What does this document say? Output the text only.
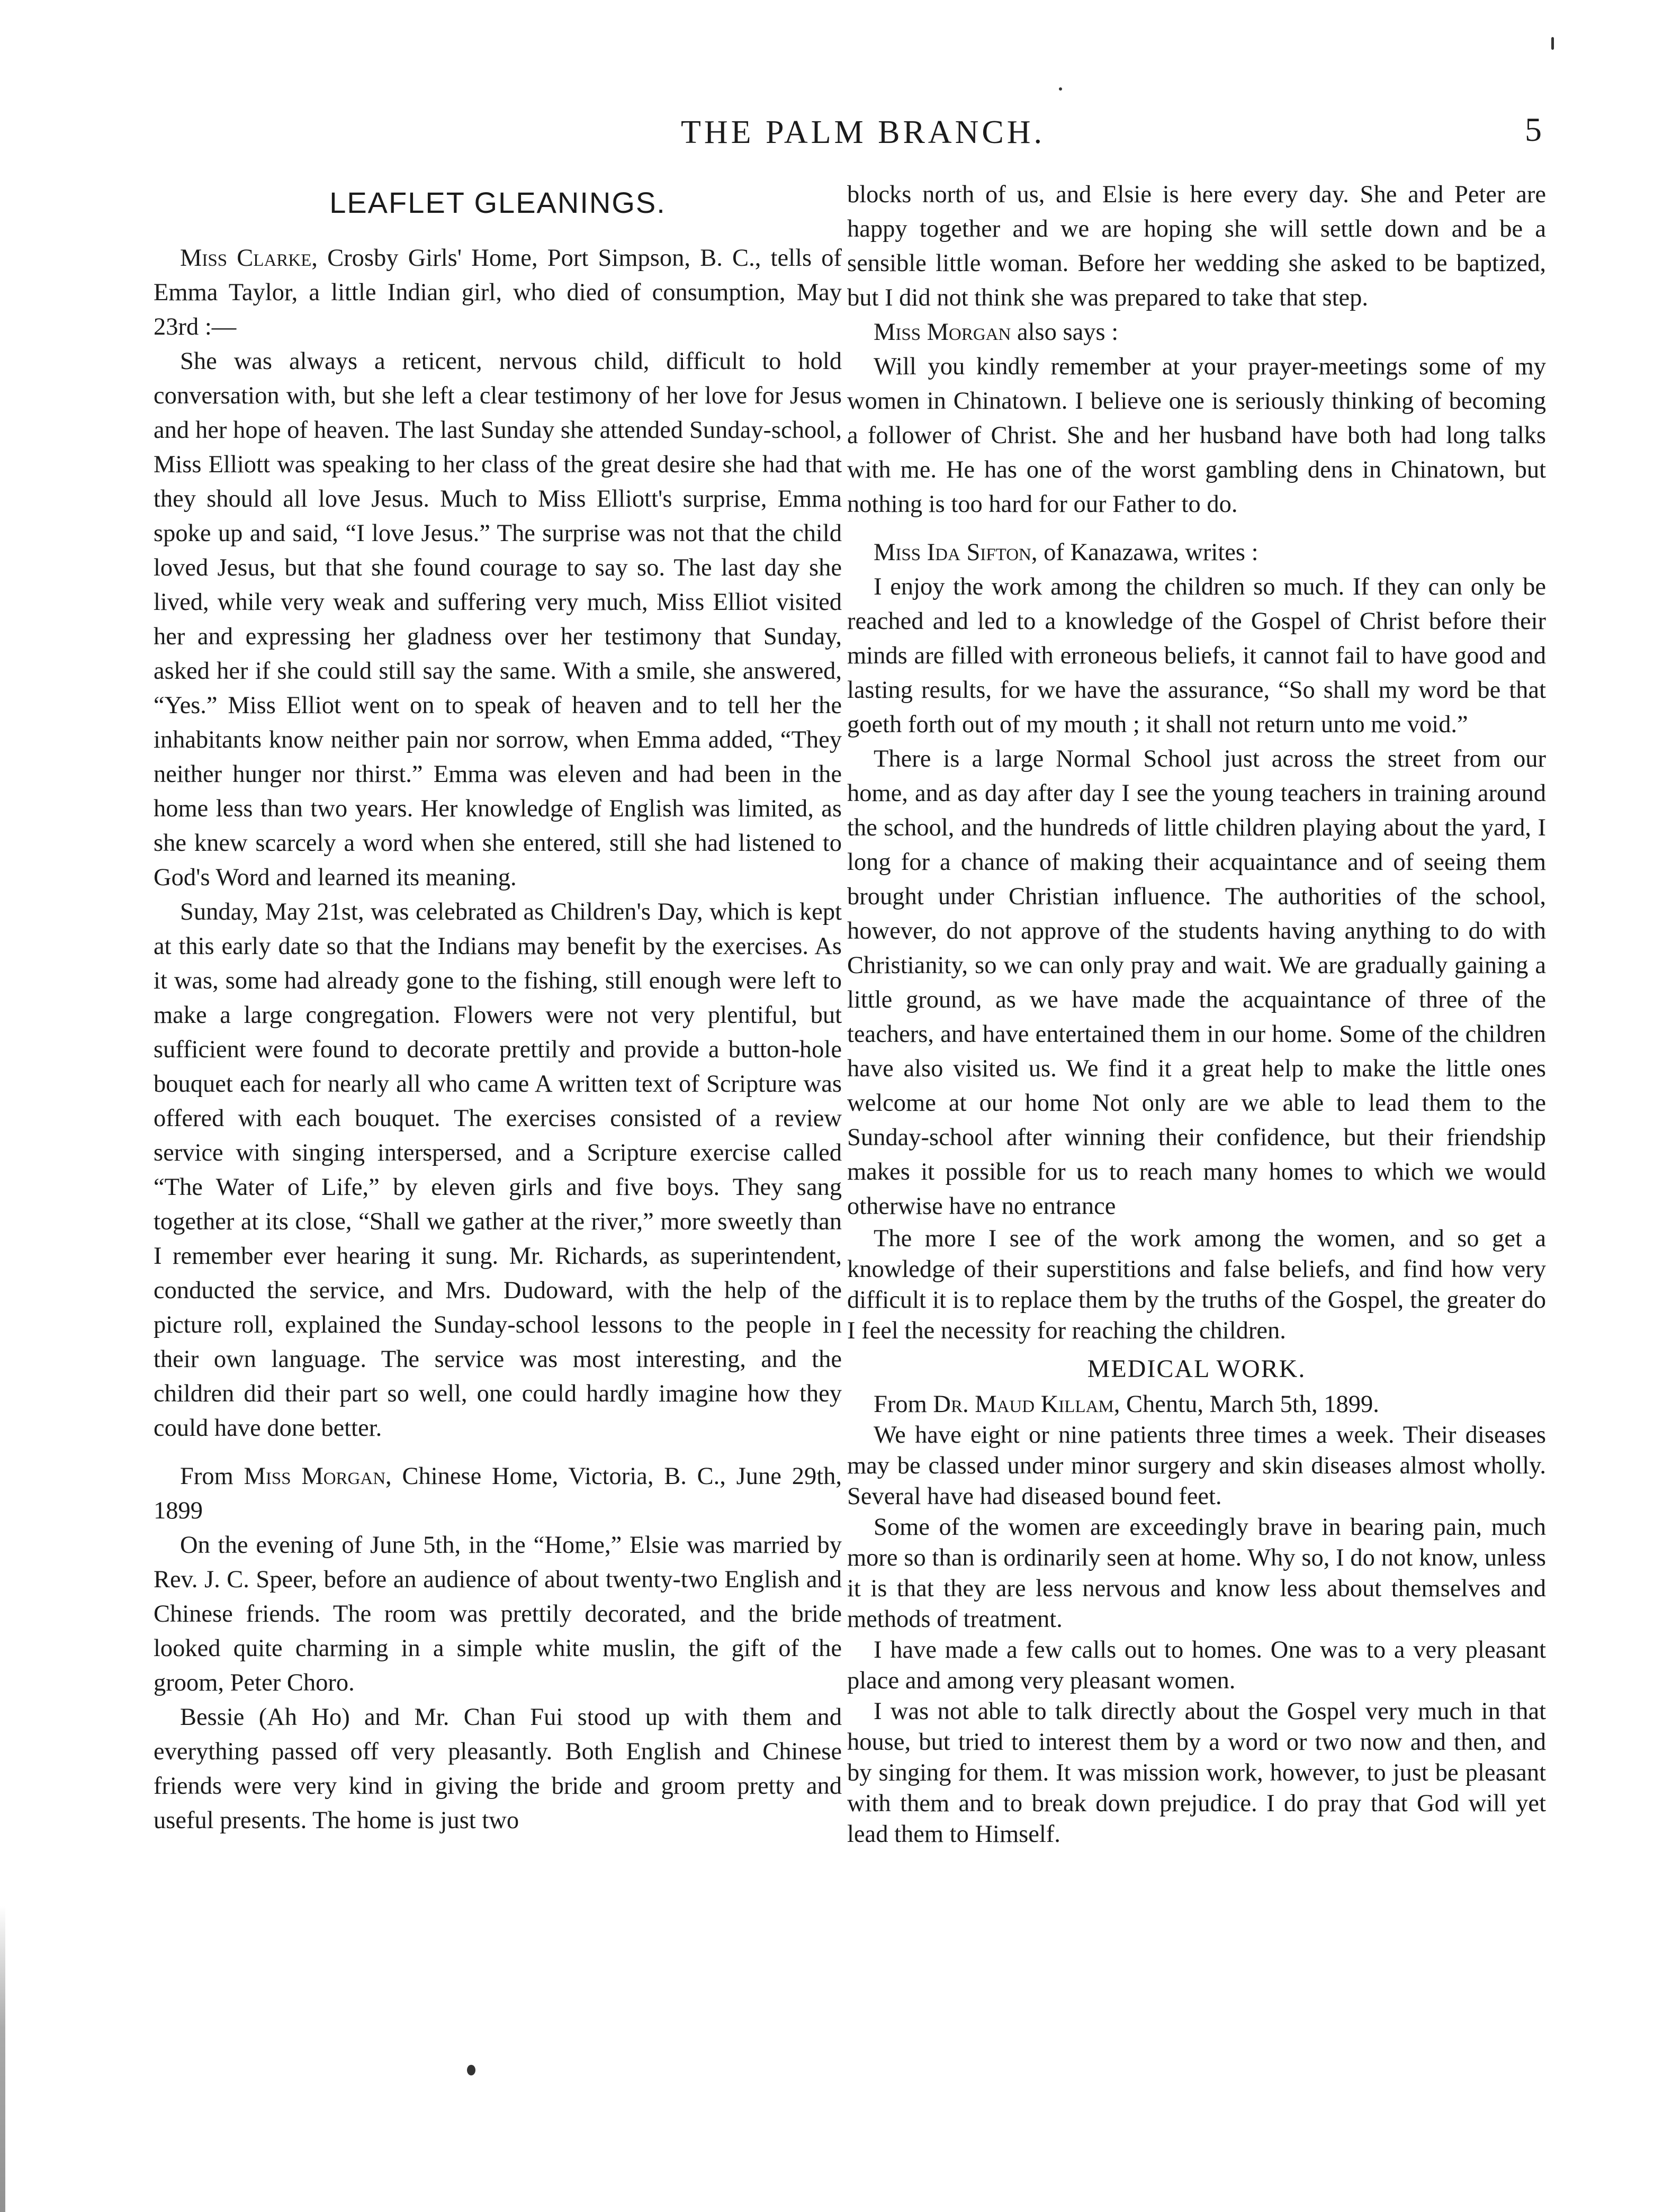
THE PALM BRANCH.	5
LEAFLET GLEANINGS.

Miss Clarke, Crosby Girls' Home, Port Simpson, B. C., tells of Emma Taylor, a little Indian girl, who died of consumption, May 23rd :—

She was always a reticent, nervous child, difficult to hold conversation with, but she left a clear testimony of her love for Jesus and her hope of heaven. The last Sunday she attended Sunday-school, Miss Elliott was speaking to her class of the great desire she had that they should all love Jesus. Much to Miss Elliott's surprise, Emma spoke up and said, “I love Jesus.” The surprise was not that the child loved Jesus, but that she found courage to say so. The last day she lived, while very weak and suffering very much, Miss Elliot visited her and expressing her gladness over her testimony that Sunday, asked her if she could still say the same. With a smile, she answered, “Yes.” Miss Elliot went on to speak of heaven and to tell her the inhabitants know neither pain nor sorrow, when Emma added, “They neither hunger nor thirst.” Emma was eleven and had been in the home less than two years. Her knowledge of English was limited, as she knew scarcely a word when she entered, still she had listened to God's Word and learned its meaning.

Sunday, May 21st, was celebrated as Children's Day, which is kept at this early date so that the Indians may benefit by the exercises. As it was, some had already gone to the fishing, still enough were left to make a large congregation. Flowers were not very plentiful, but sufficient were found to decorate prettily and provide a button-hole bouquet each for nearly all who came A written text of Scripture was offered with each bouquet. The exercises consisted of a review service with singing interspersed, and a Scripture exercise called “The Water of Life,” by eleven girls and five boys. They sang together at its close, “Shall we gather at the river,” more sweetly than I remember ever hearing it sung. Mr. Richards, as superintendent, conducted the service, and Mrs. Dudoward, with the help of the picture roll, explained the Sunday-school lessons to the people in their own language. The service was most interesting, and the children did their part so well, one could hardly imagine how they could have done better.

From Miss Morgan, Chinese Home, Victoria, B. C., June 29th, 1899

On the evening of June 5th, in the “Home,” Elsie was married by Rev. J. C. Speer, before an audience of about twenty-two English and Chinese friends. The room was prettily decorated, and the bride looked quite charming in a simple white muslin, the gift of the groom, Peter Choro.

Bessie (Ah Ho) and Mr. Chan Fui stood up with them and everything passed off very pleasantly. Both English and Chinese friends were very kind in giving the bride and groom pretty and useful presents. The home is just two

blocks north of us, and Elsie is here every day. She and Peter are happy together and we are hoping she will settle down and be a sensible little woman. Before her wedding she asked to be baptized, but I did not think she was prepared to take that step.

Miss Morgan also says :

Will you kindly remember at your prayer-meetings some of my women in Chinatown. I believe one is seriously thinking of becoming a follower of Christ. She and her husband have both had long talks with me. He has one of the worst gambling dens in Chinatown, but nothing is too hard for our Father to do.

Miss Ida Sifton, of Kanazawa, writes :

I enjoy the work among the children so much. If they can only be reached and led to a knowledge of the Gospel of Christ before their minds are filled with erroneous beliefs, it cannot fail to have good and lasting results, for we have the assurance, “So shall my word be that goeth forth out of my mouth ; it shall not return unto me void.”

There is a large Normal School just across the street from our home, and as day after day I see the young teachers in training around the school, and the hundreds of little children playing about the yard, I long for a chance of making their acquaintance and of seeing them brought under Christian influence. The authorities of the school, however, do not approve of the students having anything to do with Christianity, so we can only pray and wait. We are gradually gaining a little ground, as we have made the acquaintance of three of the teachers, and have entertained them in our home. Some of the children have also visited us. We find it a great help to make the little ones welcome at our home Not only are we able to lead them to the Sunday-school after winning their confidence, but their friendship makes it possible for us to reach many homes to which we would otherwise have no entrance

The more I see of the work among the women, and so get a knowledge of their superstitions and false beliefs, and find how very difficult it is to replace them by the truths of the Gospel, the greater do I feel the necessity for reaching the children.

MEDICAL WORK.

From Dr. Maud Killam, Chentu, March 5th, 1899.

We have eight or nine patients three times a week. Their diseases may be classed under minor surgery and skin diseases almost wholly. Several have had diseased bound feet.

Some of the women are exceedingly brave in bearing pain, much more so than is ordinarily seen at home. Why so, I do not know, unless it is that they are less nervous and know less about themselves and methods of treatment.

I have made a few calls out to homes. One was to a very pleasant place and among very pleasant women.

I was not able to talk directly about the Gospel very much in that house, but tried to interest them by a word or two now and then, and by singing for them. It was mission work, however, to just be pleasant with them and to break down prejudice. I do pray that God will yet lead them to Himself.
